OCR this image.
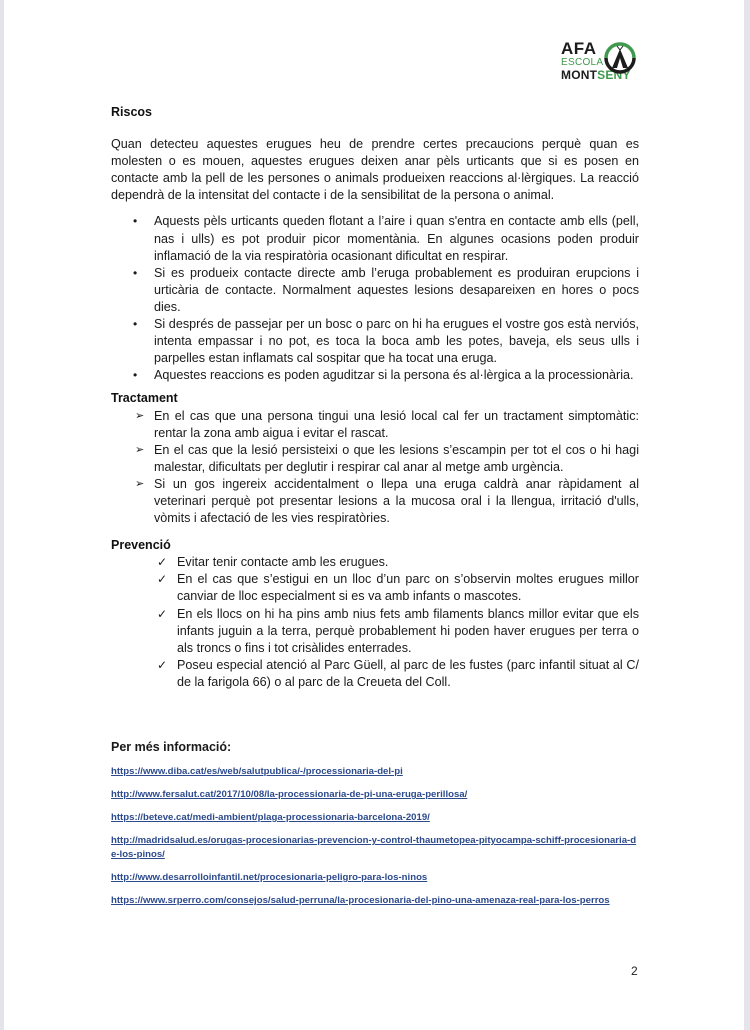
AFA
ESCOLA
MONTSENY
Riscos

Quan detecteu aquestes erugues heu de prendre certes precaucions perquè quan es molesten o es mouen, aquestes erugues deixen anar pèls urticants que si es posen en contacte amb la pell de les persones o animals produeixen reaccions al·lèrgiques. La reacció dependrà de la intensitat del contacte i de la sensibilitat de la persona o animal.

• Aquests pèls urticants queden flotant a l’aire i quan s'entra en contacte amb ells (pell, nas i ulls) es pot produir picor momentània. En algunes ocasions poden produir inflamació de la via respiratòria ocasionant dificultat en respirar.
• Si es produeix contacte directe amb l’eruga probablement es produiran erupcions i urticària de contacte. Normalment aquestes lesions desapareixen en hores o pocs dies.
• Si després de passejar per un bosc o parc on hi ha erugues el vostre gos està nerviós, intenta empassar i no pot, es toca la boca amb les potes, baveja, els seus ulls i parpelles estan inflamats cal sospitar que ha tocat una eruga.
• Aquestes reaccions es poden aguditzar si la persona és al·lèrgica a la processionària.
Tractament
➢ En el cas que una persona tingui una lesió local cal fer un tractament simptomàtic: rentar la zona amb aigua i evitar el rascat.
➢ En el cas que la lesió persisteixi o que les lesions s’escampin per tot el cos o hi hagi malestar, dificultats per deglutir i respirar cal anar al metge amb urgència.
➢ Si un gos ingereix accidentalment o llepa una eruga caldrà anar ràpidament al veterinari perquè pot presentar lesions a la mucosa oral i la llengua, irritació d'ulls, vòmits i afectació de les vies respiratòries.
Prevenció
✓ Evitar tenir contacte amb les erugues.
✓ En el cas que s’estigui en un lloc d’un parc on s’observin moltes erugues millor canviar de lloc especialment si es va amb infants o mascotes.
✓ En els llocs on hi ha pins amb nius fets amb filaments blancs millor evitar que els infants juguin a la terra, perquè probablement hi poden haver erugues per terra o als troncs o fins i tot crisàlides enterrades.
✓ Poseu especial atenció al Parc Güell, al parc de les fustes (parc infantil situat al C/ de la farigola 66) o al parc de la Creueta del Coll.
Per més informació:
https://www.diba.cat/es/web/salutpublica/-/processionaria-del-pi
http://www.fersalut.cat/2017/10/08/la-processionaria-de-pi-una-eruga-perillosa/
https://beteve.cat/medi-ambient/plaga-processionaria-barcelona-2019/
http://madridsalud.es/orugas-procesionarias-prevencion-y-control-thaumetopea-pityocampa-schiff-procesionaria-de-los-pinos/
http://www.desarrolloinfantil.net/procesionaria-peligro-para-los-ninos
https://www.srperro.com/consejos/salud-perruna/la-procesionaria-del-pino-una-amenaza-real-para-los-perros
2
